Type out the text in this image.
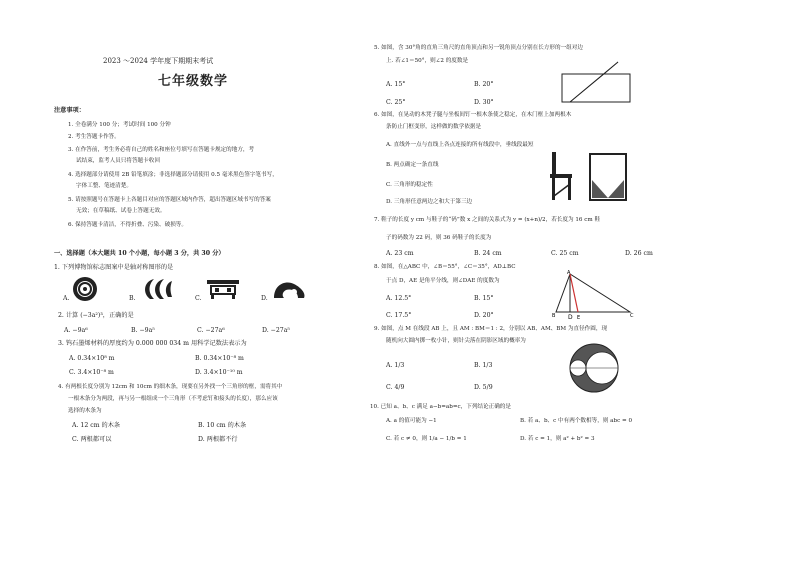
2023 ～2024 学年度下期期末考试
七年级数学
注意事项：
1. 全卷满分 100 分；考试时间 100 分钟
2. 考生答题卡作答。
3. 在作答前，考生务必将自己的姓名和座位号填写在答题卡规定的地方，考
试结束，监考人员只将答题卡收回
4. 选择题部分请使用 2B 铅笔填涂；非选择题部分请使用 0.5 毫米黑色签字笔书写，
字体工整、笔迹清楚。
5. 请按照题号在答题卡上各题目对应的答题区域内作答，超出答题区域书写的答案
无效；在草稿纸、试卷上答题无效。
6. 保持答题卡清洁，不得折叠、污染、破损等。
一、选择题（本大题共 10 个小题，每小题 3 分，共 30 分）
1. 下列博物馆标志图案中是轴对称图形的是
A.	B.	C.	D.
2. 计算 (−3a²)³，正确的是
A. −9a⁶	B. −9a⁵	C. −27a⁶	D. −27a⁵
3. 钨石墨烯材料的厚度约为 0.000 000 034 m 用科学记数法表示为
A. 0.34×10⁸ m	B. 0.34×10⁻⁸ m
C. 3.4×10⁻⁸ m	D. 3.4×10⁻¹⁰ m
4. 有两根长度分别为 12cm 和 10cm 的细木条，现要在另外找一个三角形的框，需将其中
一根木条分为两段，再与另一根组成一个三角形（不考虑钉和接头的长度），那么应该
选择的木条为
A. 12 cm 的木条	B. 10 cm 的木条
C. 两根都可以	D. 两根都不行
5. 如图，含 30°角的直角三角尺的直角顶点和另一锐角顶点分别在长方形的一组对边
上. 若∠1＝50°，则∠2 的度数是
A. 15°	B. 20°
C. 25°	D. 30°
6. 如图，在晃动的木凳子腿与坐板间钉一根木条使之稳定，在木门框上加两根木
条防止门框变形，这样做的数学依据是
A. 直线外一点与直线上各点连接的所有线段中，垂线段最短
B. 两点确定一条直线
C. 三角形的稳定性
D. 三角形任意两边之和大于第三边
7. 鞋子的长度 y cm 与鞋子的“码”数 x 之间的关系式为 y = (x+n)/2，若长度为 16 cm 鞋
子的码数为 22 码，则 36 码鞋子的长度为
A. 23 cm	B. 24 cm	C. 25 cm	D. 26 cm
8. 如图，在△ABC 中，∠B＝55°，∠C＝35°，AD⊥BC
于点 D，AE 是角平分线，则∠DAE 的度数为
A. 12.5°	B. 15°
C. 17.5°	D. 20°	B
A
D E	C
9. 如图，点 M 在线段 AB 上，且 AM : BM＝1 : 2，分别以 AB、AM、BM 为直径作圆，现
随机向大圆内掷一枚小针，则针尖落在阴影区域的概率为
A. 1/3	B. 1/3
C. 4/9	D. 5/9
10. 已知 a、b、c 满足 a−b=ab=c，下列结论正确的是
A. a 的值可能为 −1	B. 若 a、b、c 中有两个数相等，则 abc = 0
C. 若 c ≠ 0，则 1/a − 1/b = 1	D. 若 c = 1，则 a² + b² = 3
